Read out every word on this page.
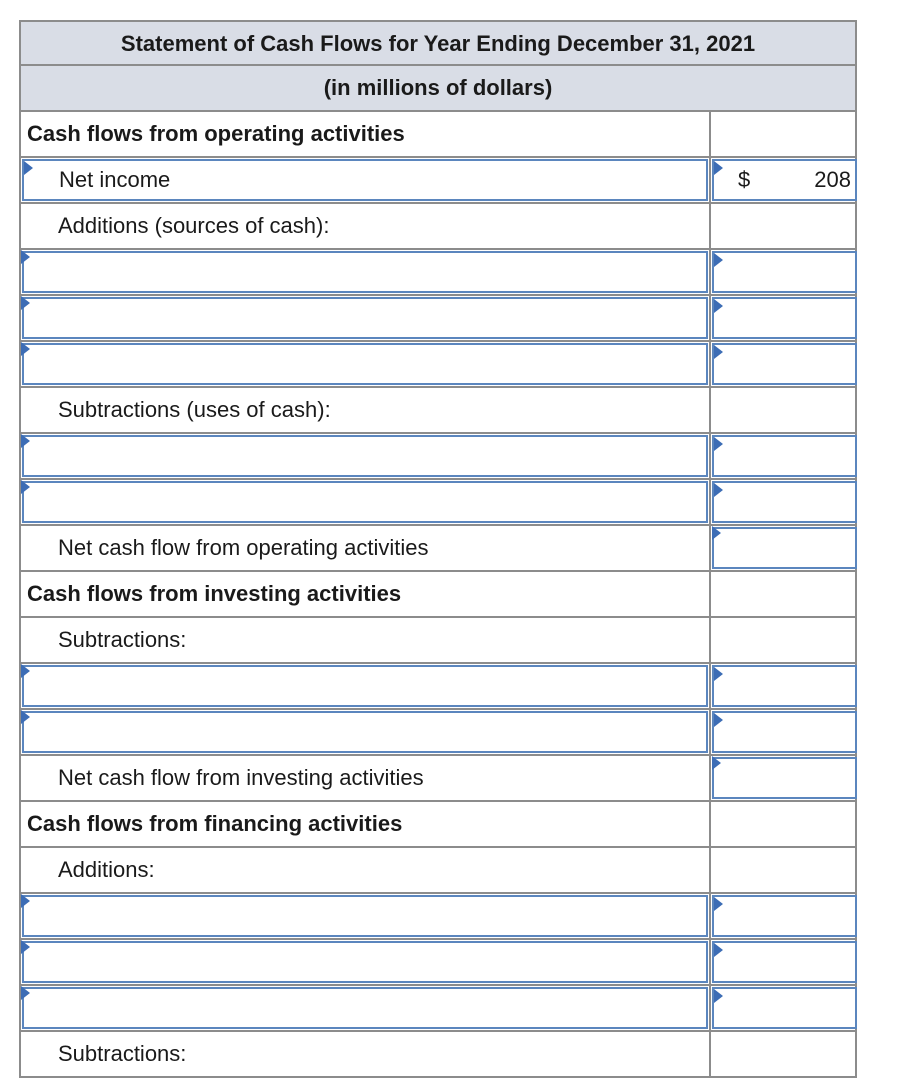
Statement of Cash Flows for Year Ending December 31, 2021
(in millions of dollars)
Cash flows from operating activities
Net income	$	208
Additions (sources of cash):
Subtractions (uses of cash):
Net cash flow from operating activities
Cash flows from investing activities
Subtractions:
Net cash flow from investing activities
Cash flows from financing activities
Additions:
Subtractions:
